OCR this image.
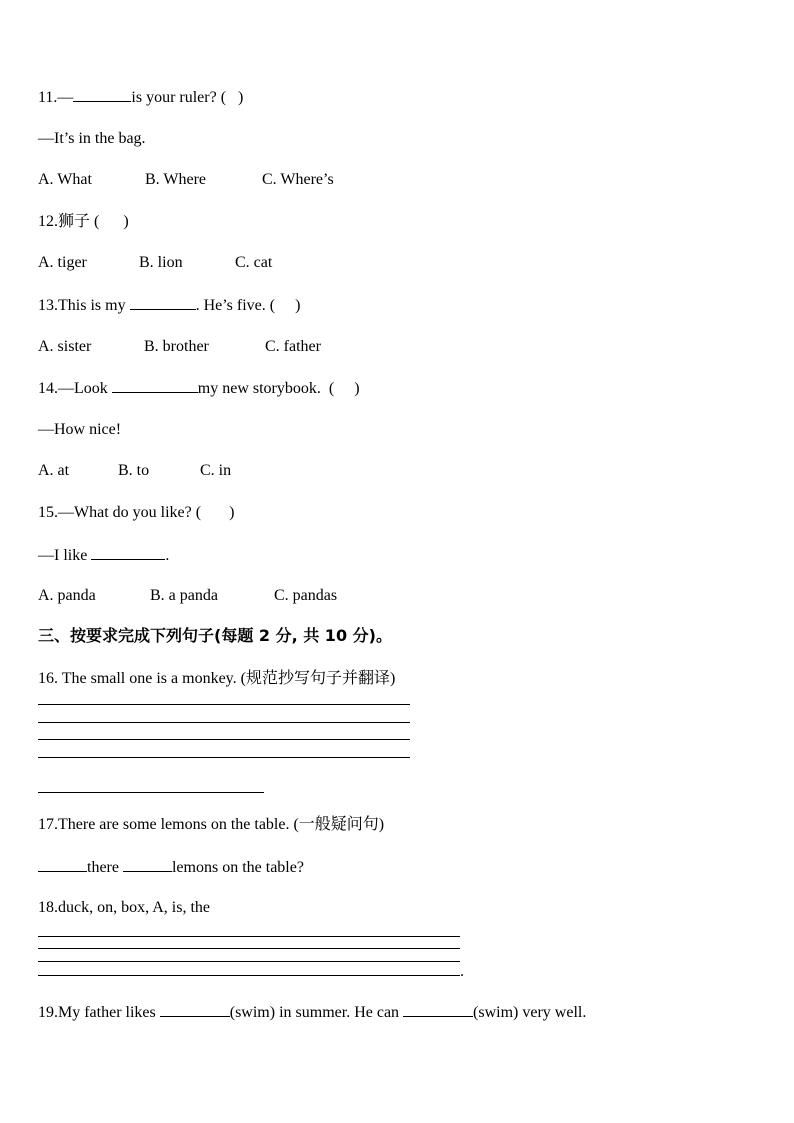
11.—	is your ruler? (   )
—It’s in the bag.
A. What	B. Where	C. Where’s
12.狮子 (      )
A. tiger	B. lion	C. cat
13.This is my	. He’s five. (     )
A. sister	B. brother	C. father
14.—Look	my new storybook.  (     )
—How nice!
A. at	B. to	C. in
15.—What do you like? (       )
—I like	.
A. panda	B. a panda	C. pandas
三、按要求完成下列句子(每题 2 分, 共 10 分)。
16. The small one is a monkey. (规范抄写句子并翻译)
17.There are some lemons on the table. (一般疑问句)
there	lemons on the table?
18.duck, on, box, A, is, the
.
19.My father likes	(swim) in summer. He can	(swim) very well.
